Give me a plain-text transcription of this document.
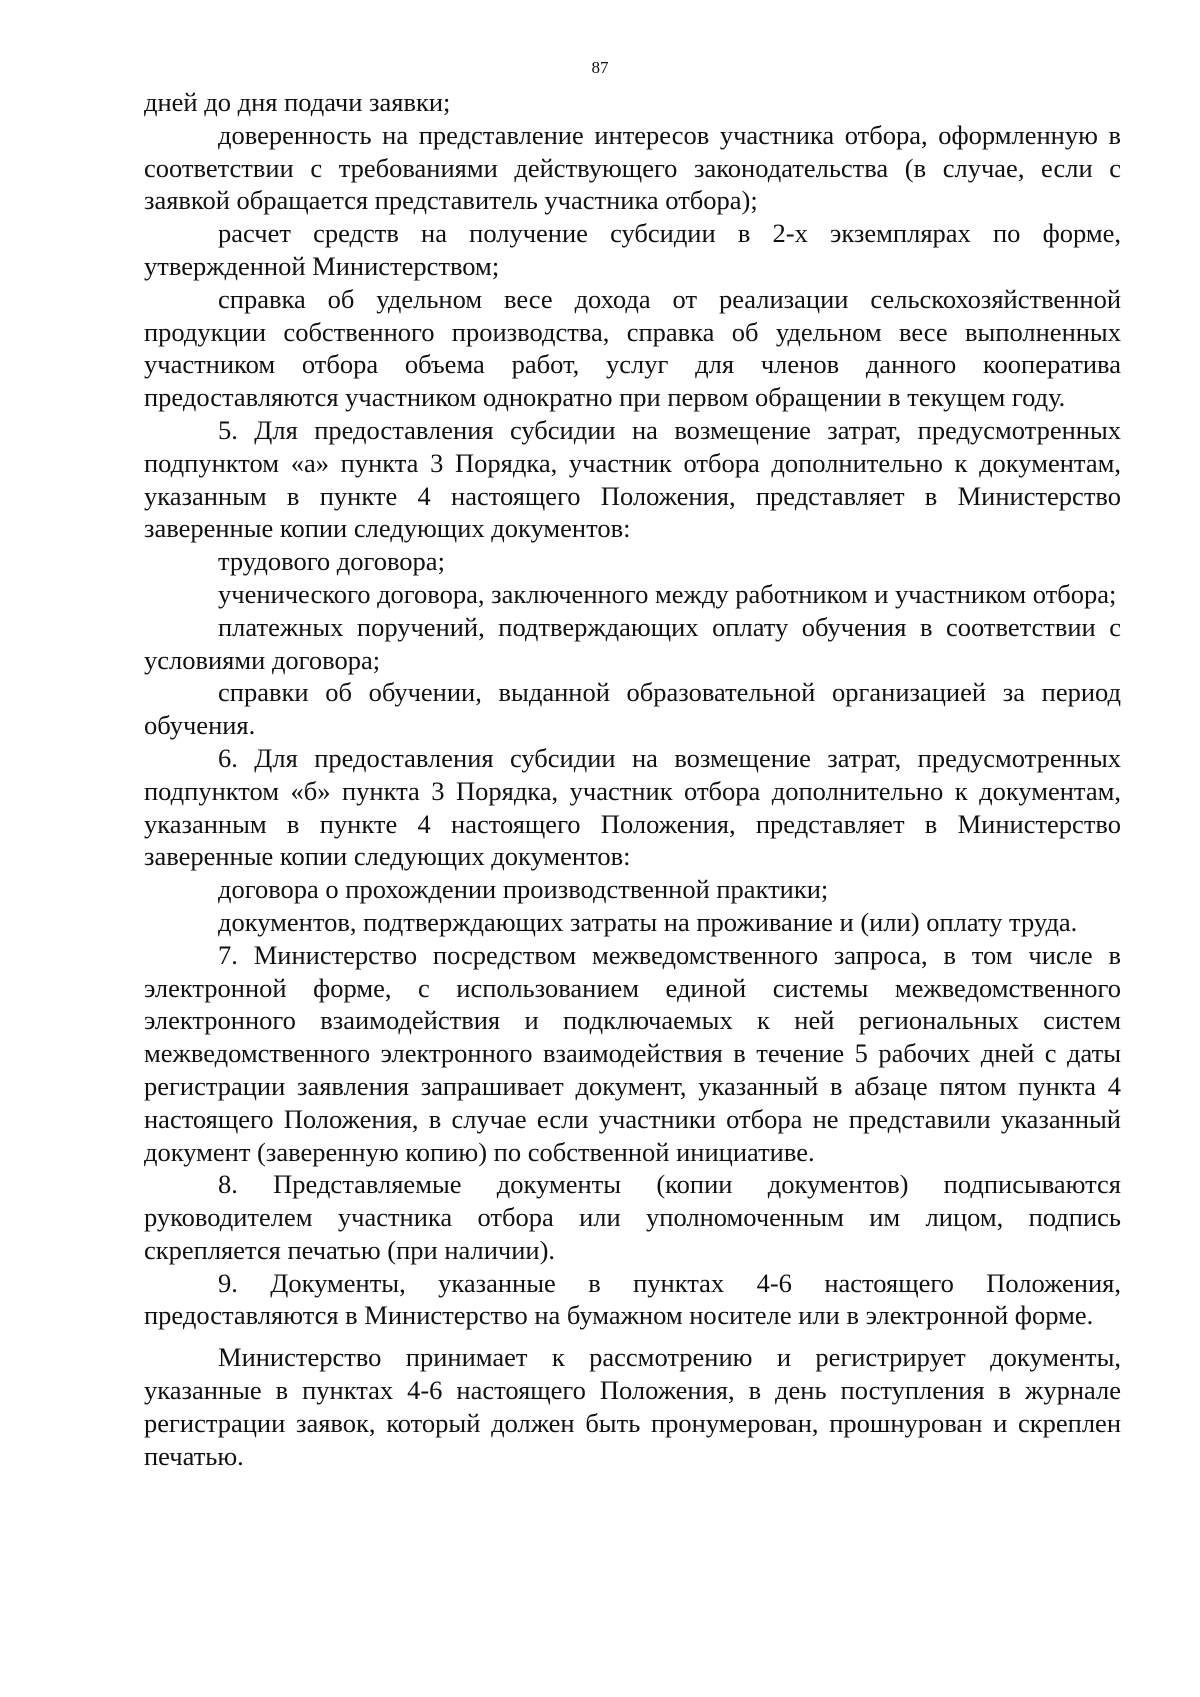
87

дней до дня подачи заявки;

доверенность на представление интересов участника отбора, оформленную в соответствии с требованиями действующего законодательства (в случае, если с заявкой обращается представитель участника отбора);

расчет средств на получение субсидии в 2-х экземплярах по форме, утвержденной Министерством;

справка об удельном весе дохода от реализации сельскохозяйственной продукции собственного производства, справка об удельном весе выполненных участником отбора объема работ, услуг для членов данного кооператива предоставляются участником однократно при первом обращении в текущем году.

5. Для предоставления субсидии на возмещение затрат, предусмотренных подпунктом «а» пункта 3 Порядка, участник отбора дополнительно к документам, указанным в пункте 4 настоящего Положения, представляет в Министерство заверенные копии следующих документов:

трудового договора;

ученического договора, заключенного между работником и участником отбора;

платежных поручений, подтверждающих оплату обучения в соответствии с условиями договора;

справки об обучении, выданной образовательной организацией за период обучения.

6. Для предоставления субсидии на возмещение затрат, предусмотренных подпунктом «б» пункта 3 Порядка, участник отбора дополнительно к документам, указанным в пункте 4 настоящего Положения, представляет в Министерство заверенные копии следующих документов:

договора о прохождении производственной практики;

документов, подтверждающих затраты на проживание и (или) оплату труда.

7. Министерство посредством межведомственного запроса, в том числе в электронной форме, с использованием единой системы межведомственного электронного взаимодействия и подключаемых к ней региональных систем межведомственного электронного взаимодействия в течение 5 рабочих дней с даты регистрации заявления запрашивает документ, указанный в абзаце пятом пункта 4 настоящего Положения, в случае если участники отбора не представили указанный документ (заверенную копию) по собственной инициативе.

8. Представляемые документы (копии документов) подписываются руководителем участника отбора или уполномоченным им лицом, подпись скрепляется печатью (при наличии).

9. Документы, указанные в пунктах 4-6 настоящего Положения, предоставляются в Министерство на бумажном носителе или в электронной форме.

Министерство принимает к рассмотрению и регистрирует документы, указанные в пунктах 4-6 настоящего Положения, в день поступления в журнале регистрации заявок, который должен быть пронумерован, прошнурован и скреплен печатью.
